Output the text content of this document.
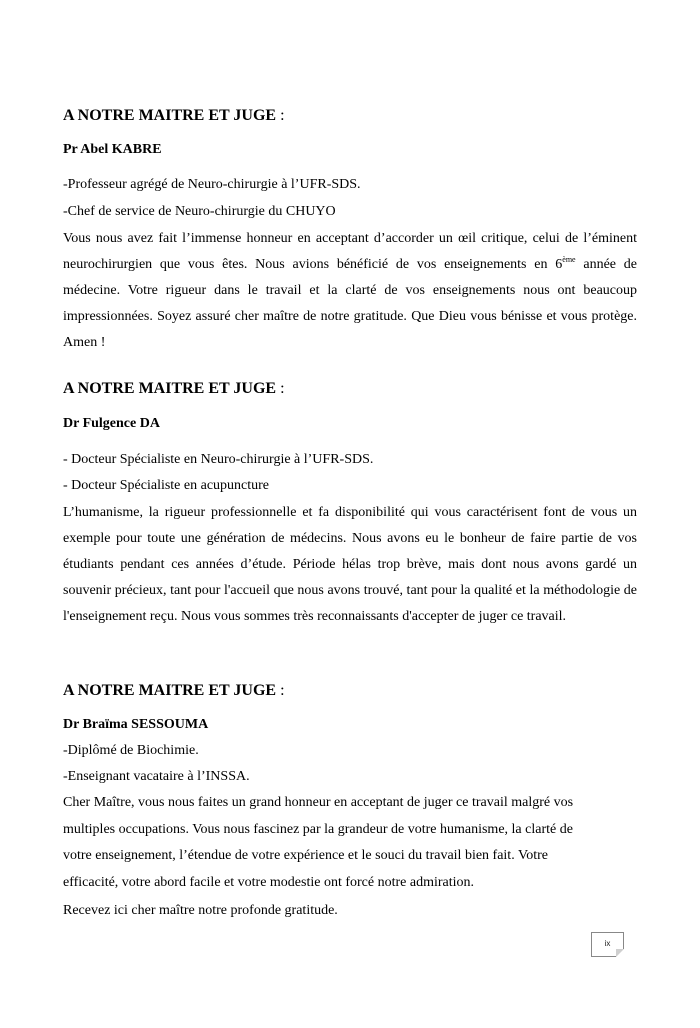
A NOTRE MAITRE ET JUGE :
Pr Abel KABRE
-Professeur agrégé de Neuro-chirurgie à l’UFR-SDS.
-Chef de service de Neuro-chirurgie du CHUYO
Vous nous avez fait l’immense honneur en acceptant d’accorder un œil critique, celui de l’éminent neurochirurgien que vous êtes. Nous avions bénéficié de vos enseignements en 6ème année de médecine. Votre rigueur dans le travail et la clarté de vos enseignements nous ont beaucoup impressionnées. Soyez assuré cher maître de notre gratitude. Que Dieu vous bénisse et vous protège. Amen !
A NOTRE MAITRE ET JUGE :
Dr Fulgence DA
- Docteur Spécialiste en Neuro-chirurgie à l’UFR-SDS.
- Docteur Spécialiste en acupuncture
L’humanisme, la rigueur professionnelle et fa disponibilité qui vous caractérisent font de vous un exemple pour toute une génération de médecins. Nous avons eu le bonheur de faire partie de vos étudiants pendant ces années d’étude. Période hélas trop brève, mais dont nous avons gardé un souvenir précieux, tant pour l'accueil que nous avons trouvé, tant pour la qualité et la méthodologie de l'enseignement reçu. Nous vous sommes très reconnaissants d'accepter de juger ce travail.
A NOTRE MAITRE ET JUGE :
Dr Braïma SESSOUMA
-Diplômé de Biochimie.
-Enseignant vacataire à l’INSSA.
Cher Maître, vous nous faites un grand honneur en acceptant de juger ce travail malgré vos
multiples occupations. Vous nous fascinez par la grandeur de votre humanisme, la clarté de
votre enseignement, l’étendue de votre expérience et le souci du travail bien fait. Votre
efficacité, votre abord facile et votre modestie ont forcé notre admiration.
Recevez ici cher maître notre profonde gratitude.
ix
